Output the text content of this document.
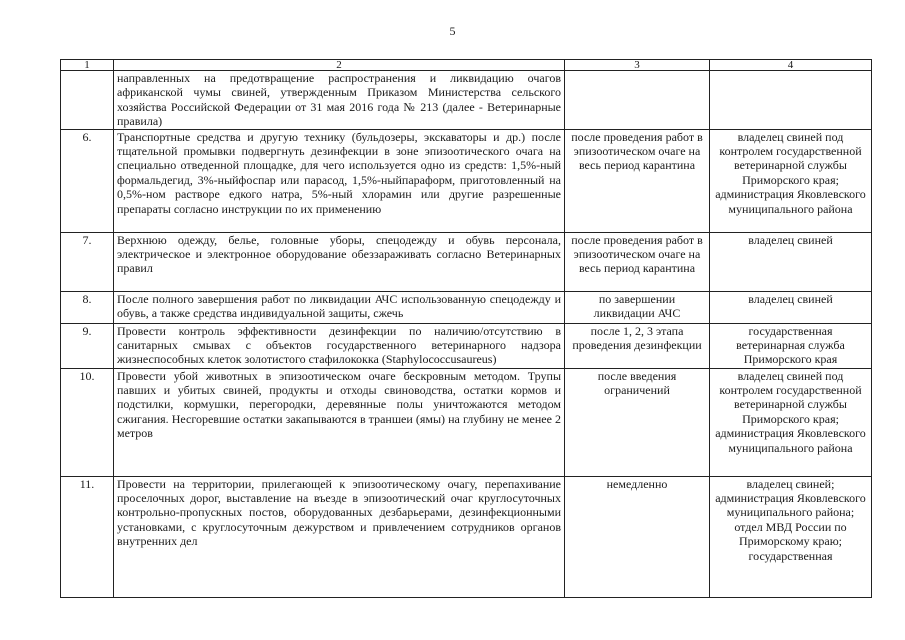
5
1	2	3	4
	направленных на предотвращение распространения и ликвидацию очагов африканской чумы свиней, утвержденным Приказом Министерства сельского хозяйства Российской Федерации от 31 мая 2016 года № 213 (далее - Ветеринарные правила)		
6.	Транспортные средства и другую технику (бульдозеры, экскаваторы и др.) после тщательной промывки подвергнуть дезинфекции в зоне эпизоотического очага на специально отведенной площадке, для чего используется одно из средств: 1,5%-ный формальдегид, 3%-ныйфоспар или парасод, 1,5%-ныйпараформ, приготовленный на 0,5%-ном растворе едкого натра, 5%-ный хлорамин или другие разрешенные препараты согласно инструкции по их применению	после проведения работ в эпизоотическом очаге на весь период карантина	владелец свиней под контролем государственной ветеринарной службы Приморского края; администрация Яковлевского муниципального района
7.	Верхнюю одежду, белье, головные уборы, спецодежду и обувь персонала, электрическое и электронное оборудование обеззараживать согласно Ветеринарных правил	после проведения работ в эпизоотическом очаге на весь период карантина	владелец свиней
8.	После полного завершения работ по ликвидации АЧС использованную спецодежду и обувь, а также средства индивидуальной защиты, сжечь	по завершении ликвидации АЧС	владелец свиней
9.	Провести контроль эффективности дезинфекции по наличию/отсутствию в санитарных смывах с объектов государственного ветеринарного надзора жизнеспособных клеток золотистого стафилококка (Staphylococcusaureus)	после 1, 2, 3 этапа проведения дезинфекции	государственная ветеринарная служба Приморского края
10.	Провести убой животных в эпизоотическом очаге бескровным методом. Трупы павших и убитых свиней, продукты и отходы свиноводства, остатки кормов и подстилки, кормушки, перегородки, деревянные полы уничтожаются методом сжигания. Несгоревшие остатки закапываются в траншеи (ямы) на глубину не менее 2 метров	после введения ограничений	владелец свиней под контролем государственной ветеринарной службы Приморского края; администрация Яковлевского муниципального района
11.	Провести на территории, прилегающей к эпизоотическому очагу, перепахивание проселочных дорог, выставление на въезде в эпизоотический очаг круглосуточных контрольно-пропускных постов, оборудованных дезбарьерами, дезинфекционными установками, с круглосуточным дежурством и привлечением сотрудников органов внутренних дел	немедленно	владелец свиней; администрация Яковлевского муниципального района; отдел МВД России по Приморскому краю; государственная
